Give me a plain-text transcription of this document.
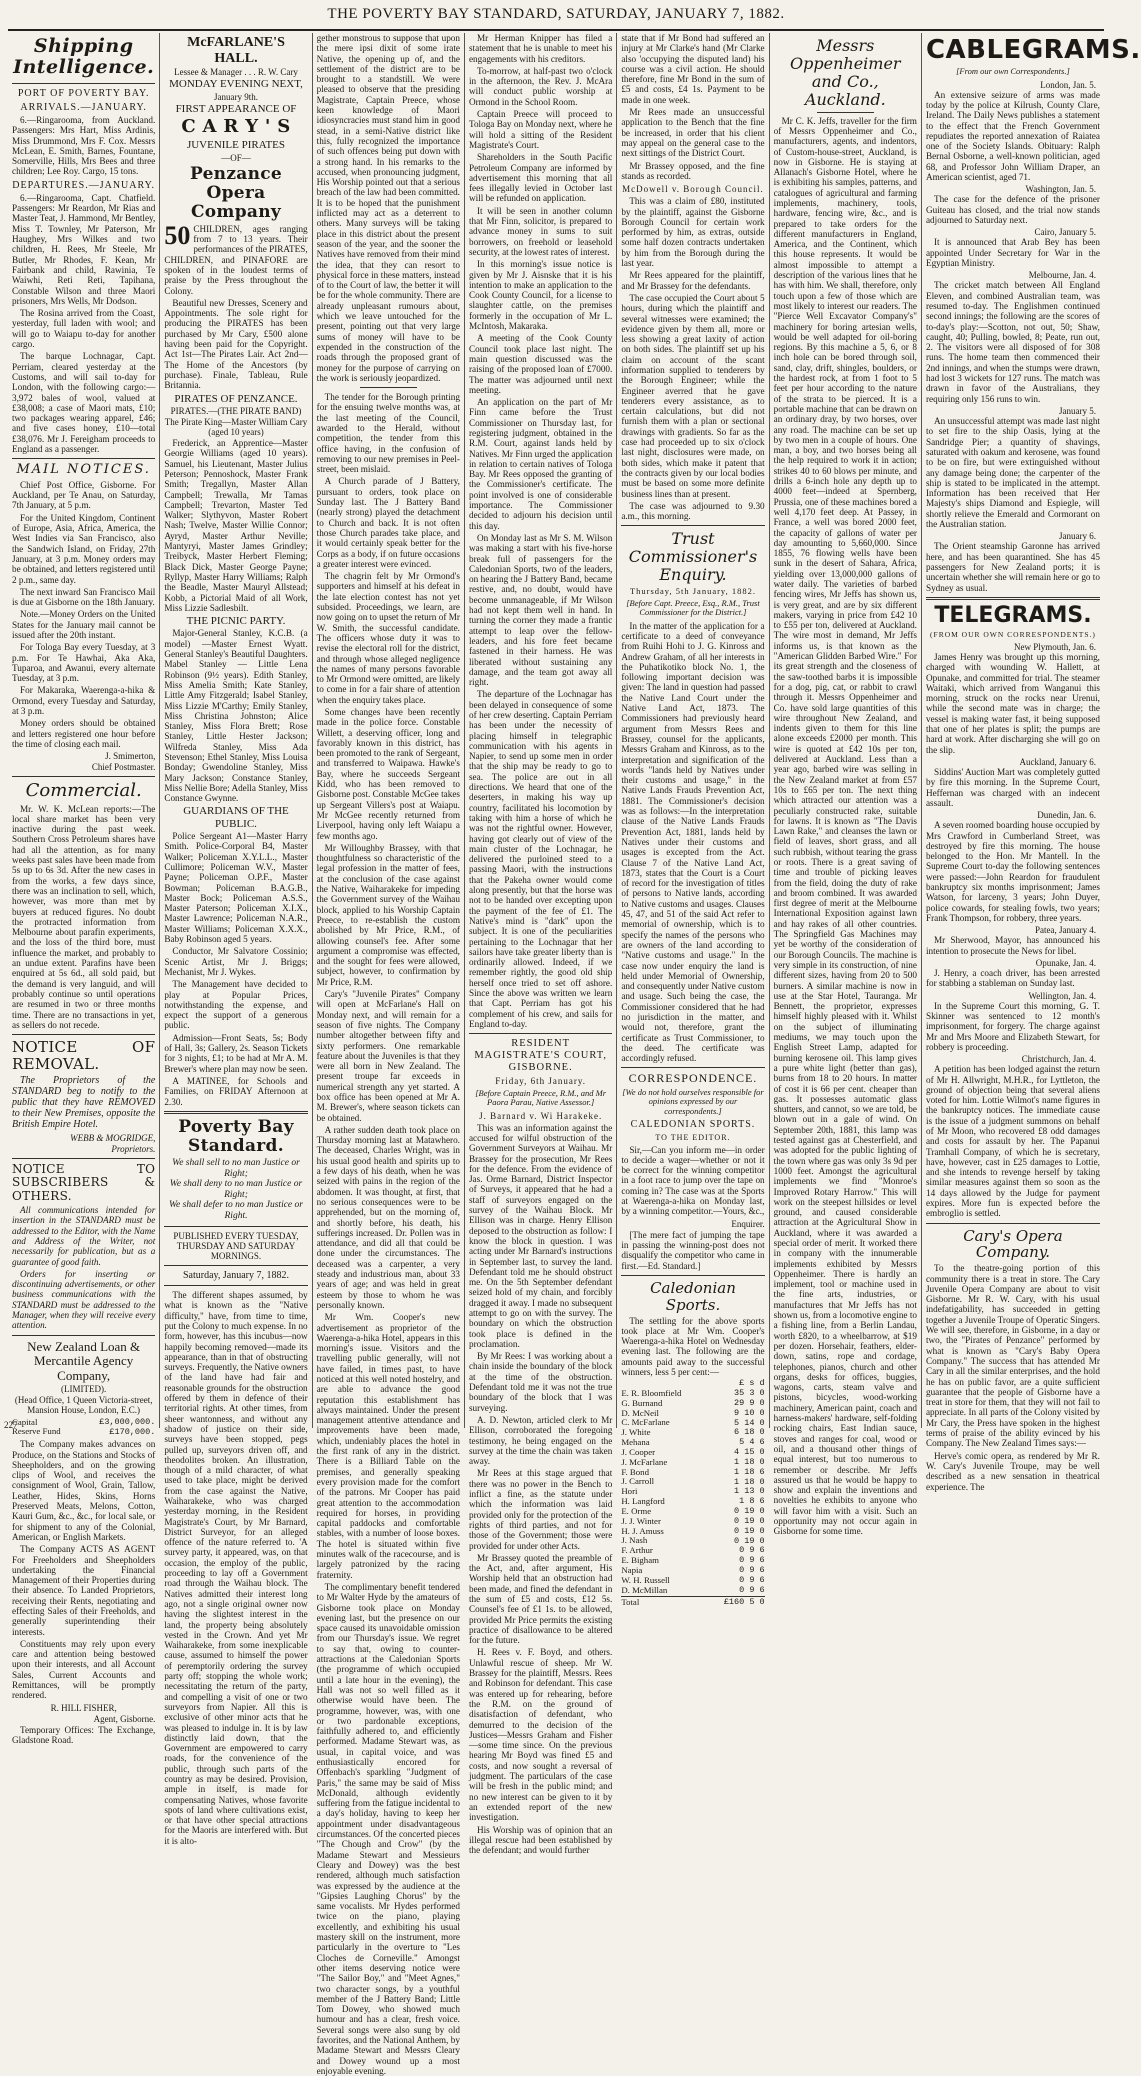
THE POVERTY BAY STANDARD, SATURDAY, JANUARY 7, 1882.
Shipping Intelligence.
PORT OF POVERTY BAY.
ARRIVALS.—JANUARY.

6.—Ringarooma, from Auckland. Passengers: Mrs Hart, Miss Ardinis, Miss Drummond, Mrs F. Cox. Messrs McLean, E. Smith, Barnes, Fountane, Somerville, Hills, Mrs Bees and three children; Lee Roy. Cargo, 15 tons.

DEPARTURES.—JANUARY.

6.—Ringarooma, Capt. Chatfield. Passengers: Mr Reardon, Mr Rias and Master Teat, J. Hammond, Mr Bentley, Miss T. Townley, Mr Paterson, Mr Haughey, Mrs Wilkes and two children, H. Rees, Mr Steele, Mr Butler, Mr Rhodes, F. Kean, Mr Fairbank and child, Rawinia, Te Waiwhi, Reti Reti, Tapihana, Constable Wilson and three Maori prisoners, Mrs Wells, Mr Dodson.

The Rosina arrived from the Coast, yesterday, full laden with wool; and will go to Waiapu to-day for another cargo.

The barque Lochnagar, Capt. Perriam, cleared yesterday at the Customs, and will sail to-day for London, with the following cargo:—3,972 bales of wool, valued at £38,008; a case of Maori mats, £10; two packages wearing apparel, £46; and five cases honey, £10—total £38,076. Mr J. Fereigham proceeds to England as a passenger.

MAIL NOTICES.

Chief Post Office, Gisborne. For Auckland, per Te Anau, on Saturday, 7th January, at 5 p.m.

For the United Kingdom, Continent of Europe, Asia, Africa, America, the West Indies via San Francisco, also the Sandwich Island, on Friday, 27th January, at 3 p.m. Money orders may be obtained, and letters registered until 2 p.m., same day.

The next inward San Francisco Mail is due at Gisborne on the 18th January.

Note.—Money Orders on the United States for the January mail cannot be issued after the 20th instant.

For Tologa Bay every Tuesday, at 3 p.m. For Te Hawhai, Aka Aka, Tuparoa, and Awanui, every alternate Tuesday, at 3 p.m.

For Makaraka, Waerenga-a-hika & Ormond, every Tuesday and Saturday, at 3 p.m.

Money orders should be obtained and letters registered one hour before the time of closing each mail.

J. Smimerton,
Chief Postmaster.
Commercial.

Mr. W. K. McLean reports:—The local share market has been very inactive during the past week. Southern Cross Petroleum shares have had all the attention, as for many weeks past sales have been made from 5s up to 6s 3d. After the new cases in from the works, a few days since, there was an inclination to sell, which, however, was more than met by buyers at reduced figures. No doubt the protracted information from Melbourne about parafin experiments, and the loss of the third bore, must influence the market, and probably to an undue extent. Parafins have been enquired at 5s 6d., all sold paid, but the demand is very languid, and will probably continue so until operations are resumed in two or three months time. There are no transactions in yet, as sellers do not recede.

NOTICE OF REMOVAL.

The Proprietors of the STANDARD beg to notify to the public that they have REMOVED to their New Premises, opposite the British Empire Hotel.

WEBB & MOGRIDGE,
Proprietors.
NOTICE TO SUBSCRIBERS & OTHERS.

All communications intended for insertion in the STANDARD must be addressed to the Editor, with the Name and Address of the Writer, not necessarily for publication, but as a guarantee of good faith.

Orders for inserting or discontinuing advertisements, or other business communications with the STANDARD must be addressed to the Manager, when they will receive every attention.

New Zealand Loan & Mercantile Agency Company,
(LIMITED).
(Head Office, 1 Queen Victoria-street, Mansion House, London, E.C.)
Capital	£3,000,000.
Reserve Fund	£170,000.

The Company makes advances on Produce, on the Stations and Stocks of Sheepholders, and on the growing clips of Wool, and receives the consignment of Wool, Grain, Tallow, Leather, Hides, Skins, Horns Preserved Meats, Melons, Cotton, Kauri Gum, &c., &c., for local sale, or for shipment to any of the Colonial, American, or English Markets.

The Company ACTS AS AGENT For Freeholders and Sheepholders undertaking the Financial Management of their Properties during their absence. To Landed Proprietors, receiving their Rents, negotiating and effecting Sales of their Freeholds, and generally superintending their interests.

Constituents may rely upon every care and attention being bestowed upon their interests, and all Account Sales, Current Accounts and Remittances, will be promptly rendered.

R. HILL FISHER,
Agent, Gisborne.

Temporary Offices: The Exchange, Gladstone Road.

McFARLANE'S HALL.
Lessee & Manager . . . R. W. Cary
MONDAY EVENING NEXT,
January 9th.
FIRST APPEARANCE OF
C A R Y ' S
JUVENILE PIRATES
—OF—
Penzance Opera Company

50 CHILDREN, ages ranging from 7 to 13 years. Their performances of the PIRATES, CHILDREN, and PINAFORE are spoken of in the loudest terms of praise by the Press throughout the Colony.

Beautiful new Dresses, Scenery and Appointments. The sole right for producing the PIRATES has been purchased by Mr Cary, £500 alone having been paid for the Copyright. Act 1st—The Pirates Lair. Act 2nd—The Home of the Ancestors (by purchase). Finale, Tableau, Rule Britannia.

PIRATES OF PENZANCE.
PIRATES.—(THE PIRATE BAND)
The Pirate King—Master William Cary (aged 10 years)

Frederick, an Apprentice—Master Georgie Williams (aged 10 years). Samuel, his Lieutenant, Master Julius Peterson; Pennoshock, Master Frank Smith; Tregallyn, Master Allan Campbell; Trewalla, Mr Tamas Campbell; Trevarton, Master Ted Walker; Slythyvon, Master Robert Nash; Twelve, Master Willie Connor; Ayryd, Master Arthur Neville; Mantyryi, Master James Grindley; Treibyck, Master Herbert Fleming; Black Dick, Master George Payne; Ryllyp, Master Harry Williams; Ralph the Beadle, Master Mauryl Allstead; Kobb, a Pictorial Maid of all Work, Miss Lizzie Sadlesbilt.

THE PICNIC PARTY.

Major-General Stanley, K.C.B. (a model) —Master Ernest Wyatt. General Stanley's Beautiful Daughters. Mabel Stanley — Little Lena Robinson (9½ years). Edith Stanley, Miss Amelia Smith; Kate Stanley, Little Amy Fitzgerald; Isabel Stanley, Miss Lizzie M'Carthy; Emily Stanley, Miss Christina Johnston; Alice Stanley, Miss Flora Brett; Rose Stanley, Little Hester Jackson; Wilfreda Stanley, Miss Ada Stevenson; Ethel Stanley, Miss Louisa Bonday; Gwendoline Stanley, Miss Mary Jackson; Constance Stanley, Miss Nellie Bore; Adella Stanley, Miss Constance Gwynne.

GUARDIANS OF THE PUBLIC.

Police Sergeant A1—Master Harry Smith. Police-Corporal B4, Master Walker; Policeman X.Y.L.L., Master Cullimore; Policeman W.V., Master Payne; Policeman O.P.F., Master Bowman; Policeman B.A.G.B., Master Bock; Policeman A.S.S., Master Paterson; Policeman X.I.X., Master Lawrence; Policeman N.A.R., Master Williams; Policeman X.X.X., Baby Robinson aged 5 years.

Conductor, Mr Salvatore Cossinio; Scenic Artist, Mr J. Briggs; Mechanist, Mr J. Wykes.

The Management have decided to play at Popular Prices, notwithstanding the expense, and expect the support of a generous public.

Admission—Front Seats, 5s; Body of Hall, 3s; Gallery, 2s. Season Tickets for 3 nights, £1; to be had at Mr A. M. Brewer's where plan may now be seen.

A MATINEE, for Schools and Families, on FRIDAY Afternoon at 2.30.

Poverty Bay Standard.
We shall sell to no man Justice or Right;
We shall deny to no man Justice or Right;
We shall defer to no man Justice or Right.
PUBLISHED EVERY TUESDAY, THURSDAY AND SATURDAY MORNINGS.
Saturday, January 7, 1882.

The different shapes assumed, by what is known as the "Native difficulty," have, from time to time, put the Colony to much expense. In no form, however, has this incubus—now happily becoming removed—made its appearance, than in that of obstructing surveys. Frequently, the Native owners of the land have had fair and reasonable grounds for the obstruction offered by them in defence of their territorial rights. At other times, from sheer wantonness, and without any shadow of justice on their side, surveys have been stopped, pegs pulled up, surveyors driven off, and theodolites broken. An illustration, though of a mild character, of what used to take place, might be derived from the case against the Native, Waiharakeke, who was charged yesterday morning, in the Resident Magistrate's Court, by Mr Barnard, District Surveyor, for an alleged offence of the nature referred to. 'A survey party, it appeared, was, on that occasion, the employ of the public, proceeding to lay off a Government road through the Waihau block. The Natives admitted their interest long ago, not a single original owner now having the slightest interest in the land, the property being absolutely vested in the Crown. And yet Mr Waiharakeke, from some inexplicable cause, assumed to himself the power of peremptorily ordering the survey party off; stopping the whole work; necessitating the return of the party, and compelling a visit of one or two surveyors from Napier. All this is exclusive of other minor acts that he was pleased to indulge in. It is by law distinctly laid down, that the Government are empowered to carry roads, for the convenience of the public, through such parts of the country as may be desired. Provision, ample in itself, is made for compensating Natives, whose favorite spots of land where cultivations exist, or that have other special attractions for the Maoris are interfered with. But it is alto-

gether monstrous to suppose that upon the mere ipsi dixit of some irate Native, the opening up of, and the settlement of the district are to be brought to a standstill. We were pleased to observe that the presiding Magistrate, Captain Preece, whose keen knowledge of Maori idiosyncracies must stand him in good stead, in a semi-Native district like this, fully recognized the importance of such offences being put down with a strong hand. In his remarks to the accused, when pronouncing judgment, His Worship pointed out that a serious breach of the law had been committed. It is to be hoped that the punishment inflicted may act as a deterrent to others. Many surveys will be taking place in this district about the present season of the year, and the sooner the Natives have removed from their mind the idea, that they can resort to physical force in these matters, instead of to the Court of law, the better it will be for the whole community. There are already unpleasant rumours about, which we leave untouched for the present, pointing out that very large sums of money will have to be expended in the construction of the roads through the proposed grant of money for the purpose of carrying on the work is seriously jeopardized.

The tender for the Borough printing for the ensuing twelve months was, at the last meeting of the Council, awarded to the Herald, without competition, the tender from this office having, in the confusion of removing to our new premises in Peel-street, been mislaid.

A Church parade of J Battery, pursuant to orders, took place on Sunday last. The J Battery Band (nearly strong) played the detachment to Church and back. It is not often those Church parades take place, and it would certainly speak better for the Corps as a body, if on future occasions a greater interest were evinced.

The chagrin felt by Mr Ormond's supporters and himself at his defeat in the late election contest has not yet subsided. Proceedings, we learn, are now going on to upset the return of Mr W. Smith, the successful candidate. The officers whose duty it was to revise the electoral roll for the district, and through whose alleged negligence the names of many persons favorable to Mr Ormond were omitted, are likely to come in for a fair share of attention when the enquiry takes place.

Some changes have been recently made in the police force. Constable Willett, a deserving officer, long and favorably known in this district, has been promoted to the rank of Sergeant, and transferred to Waipawa. Hawke's Bay, where he succeeds Sergeant Kidd, who has been removed to Gisborne post. Constable McGee takes up Sergeant Villers's post at Waiapu. Mr McGee recently returned from Liverpool, having only left Waiapu a few months ago.

Mr Willoughby Brassey, with that thoughtfulness so characteristic of the legal profession in the matter of fees, at the conclusion of the case against the Native, Waiharakeke for impeding the Government survey of the Waihau block, applied to his Worship Captain Preece, to re-establish the custom abolished by Mr Price, R.M., of allowing counsel's fee. After some argument a compromise was effected, and the sought for fees were allowed, subject, however, to confirmation by Mr Price, R.M.

Cary's "Juvenile Pirates" Company will open at McFarlane's Hall on Monday next, and will remain for a season of five nights. The Company number altogether between fifty and sixty performers. One remarkable feature about the Juveniles is that they were all born in New Zealand. The present troupe far exceeds in numerical strength any yet started. A box office has been opened at Mr A. M. Brewer's, where season tickets can be obtained.

A rather sudden death took place on Thursday morning last at Matawhero. The deceased, Charles Wright, was in his usual good health and spirits up to a few days of his death, when he was seized with pains in the region of the abdomen. It was thought, at first, that no serious consequences were to be apprehended, but on the morning of, and shortly before, his death, his sufferings increased. Dr. Pollen was in attendance, and did all that could be done under the circumstances. The deceased was a carpenter, a very steady and industrious man, about 33 years of age; and was held in great esteem by those to whom he was personally known.

Mr Wm. Cooper's new advertisement as proprietor of the Waerenga-a-hika Hotel, appears in this morning's issue. Visitors and the travelling public generally, will not have failed, in times past, to have noticed at this well noted hostelry, and are able to advance the good reputation this establishment has always maintained. Under the present management attentive attendance and improvements have been made, which, undeniably places the hotel in the first rank of any in the district. There is a Billiard Table on the premises, and generally speaking every provision made for the comfort of the patrons. Mr Cooper has paid great attention to the accommodation required for horses, in providing capital paddocks and comfortable stables, with a number of loose boxes. The hotel is situated within five minutes walk of the racecourse, and is largely patronized by the racing fraternity.

The complimentary benefit tendered to Mr Walter Hyde by the amateurs of Gisborne took place on Monday evening last, but the presence on our space caused its unavoidable omission from our Thursday's issue. We regret to say that, owing to counter-attractions at the Caledonian Sports (the programme of which occupied until a late hour in the evening), the Hall was not so well filled as it otherwise would have been. The programme, however, was, with one or two pardonable exceptions, faithfully adhered to, and efficiently performed. Madame Stewart was, as usual, in capital voice, and was enthusiastically encored for Offenbach's sparkling "Judgment of Paris," the same may be said of Miss McDonald, although evidently suffering from the fatigue incidental to a day's holiday, having to keep her appointment under disadvantageous circumstances. Of the concerted pieces "The Chough and Crow" (by the Madame Stewart and Messieurs Cleary and Dowey) was the best rendered, although much satisfaction was expressed by the audience at the "Gipsies Laughing Chorus" by the same vocalists. Mr Hydes performed twice on the piano, playing excellently, and exhibiting his usual mastery skill on the instrument, more particularly in the overture to "Les Cloches de Corneville." Amongst other items deserving notice were "The Sailor Boy," and "Meet Agnes," two character songs, by a youthful member of the J Battery Band; Little Tom Dowey, who showed much humour and has a clear, fresh voice. Several songs were also sung by old favorites, and the National Anthem, by Madame Stewart and Messrs Cleary and Dowey wound up a most enjoyable evening.

Mr Herman Knipper has filed a statement that he is unable to meet his engagements with his creditors.

To-morrow, at half-past two o'clock in the afternoon, the Rev. J. McAra will conduct public worship at Ormond in the School Room.

Captain Preece will proceed to Tologa Bay on Monday next, where he will hold a sitting of the Resident Magistrate's Court.

Shareholders in the South Pacific Petroleum Company are informed by advertisement this morning that all fees illegally levied in October last will be refunded on application.

It will be seen in another column that Mr Finn, solicitor, is prepared to advance money in sums to suit borrowers, on freehold or leasehold security, at the lowest rates of interest.

In this morning's issue notice is given by Mr J. Aisnske that it is his intention to make an application to the Cook County Council, for a license to slaughter cattle, on the premises formerly in the occupation of Mr L. McIntosh, Makaraka.

A meeting of the Cook County Council took place last night. The main question discussed was the raising of the proposed loan of £7000. The matter was adjourned until next meeting.

An application on the part of Mr Finn came before the Trust Commissioner on Thursday last, for registering judgment, obtained in the R.M. Court, against lands held by Natives. Mr Finn urged the application in relation to certain natives of Tologa Bay. Mr Rees opposed the granting of the Commissioner's certificate. The point involved is one of considerable importance. The Commissioner decided to adjourn his decision until this day.

On Monday last as Mr S. M. Wilson was making a start with his five-horse break full of passengers for the Caledonian Sports, two of the leaders, on hearing the J Battery Band, became restive, and, no doubt, would have become unmanageable, if Mr Wilson had not kept them well in hand. In turning the corner they made a frantic attempt to leap over the fellow-leaders, and his fore feet became fastened in their harness. He was liberated without sustaining any damage, and the team got away all right.

The departure of the Lochnagar has been delayed in consequence of some of her crew deserting. Captain Perriam has been under the necessity of placing himself in telegraphic communication with his agents in Napier, to send up some men in order that the ship may be ready to go to sea. The police are out in all directions. We heard that one of the deserters, in making his way up country, facilitated his locomotion by taking with him a horse of which he was not the rightful owner. However, having got clearly out of view of the main cluster of the Lochnagar, he delivered the purloined steed to a passing Maori, with the instructions that the Pakeha owner would come along presently, but that the horse was not to be handed over excepting upon the payment of the fee of £1. The Native's mind is "dark" upon the subject. It is one of the peculiarities pertaining to the Lochnagar that her sailors have take greater liberty than is ordinarily allowed. Indeed, if we remember rightly, the good old ship herself once tried to set off ashore. Since the above was written we learn that Capt. Perriam has got his complement of his crew, and sails for England to-day.

RESIDENT MAGISTRATE'S COURT, GISBORNE.
Friday, 6th January.
[Before Captain Preece, R.M., and Mr Paora Parau, Native Assessor.]
J. Barnard v. Wi Harakeke.

This was an information against the accused for wilful obstruction of the Government Surveyors at Waihau. Mr Brassey for the prosecution, Mr Rees for the defence. From the evidence of Jas. Orme Barnard, District Inspector of Surveys, it appeared that he had a staff of surveyors engaged on the survey of the Waihau Block. Mr Ellison was in charge. Henry Ellison deposed to the obstruction as follow: I know the block in question. I was acting under Mr Barnard's instructions in September last, to survey the land. Defendant told me he should obstruct me. On the 5th September defendant seized hold of my chain, and forcibly dragged it away. I made no subsequent attempt to go on with the survey. The boundary on which the obstruction took place is defined in the proclamation.

By Mr Rees: I was working about a chain inside the boundary of the block at the time of the obstruction. Defendant told me it was not the true boundary of the block that I was surveying.

A. D. Newton, articled clerk to Mr Ellison, corroborated the foregoing testimony, he being engaged on the survey at the time the chain was taken away.

Mr Rees at this stage argued that there was no power in the Bench to inflict a fine, as the statute under which the information was laid provided only for the protection of the rights of third parties, and not for those of the Government; those were provided for under other Acts.

Mr Brassey quoted the preamble of the Act, and, after argument, His Worship held that an obstruction had been made, and fined the defendant in the sum of £5 and costs, £12 5s. Counsel's fee of £1 1s. to be allowed, provided Mr Price permits the existing practice of disallowance to be altered for the future.

H. Rees v. F. Boyd, and others. Unlawful rescue of sheep. Mr W. Brassey for the plaintiff, Messrs. Rees and Robinson for defendant. This case was entered up for rehearing, before the R.M. on the ground of disatisfaction of defendant, who demurred to the decision of the Justices—Messrs Graham and Fisher—some time since. On the previous hearing Mr Boyd was fined £5 and costs, and now sought a reversal of judgment. The particulars of the case will be fresh in the public mind; and no new interest can be given to it by an extended report of the new investigation.

His Worship was of opinion that an illegal rescue had been established by the defendant; and would further

state that if Mr Bond had suffered an injury at Mr Clarke's hand (Mr Clarke also 'occupying the disputed land) his course was a civil action. He should therefore, fine Mr Bond in the sum of £5 and costs, £4 1s. Payment to be made in one week.

Mr Rees made an unsuccessful application to the Bench that the fine be increased, in order that his client may appeal on the general case to the next sittings of the District Court.

Mr Brassey opposed, and the fine stands as recorded.

McDowell v. Borough Council.

This was a claim of £80, instituted by the plaintiff, against the Gisborne Borough Council for certain work performed by him, as extras, outside some half dozen contracts undertaken by him from the Borough during the last year.

Mr Rees appeared for the plaintiff, and Mr Brassey for the defendants.

The case occupied the Court about 5 hours, during which the plaintiff and several witnesses were examined; the evidence given by them all, more or less showing a great laxity of action on both sides. The plaintiff set up his claim on account of the scant information supplied to tenderers by the Borough Engineer; while the Engineer averred that he gave tenderers every assistance, as to certain calculations, but did not furnish them with a plan or sectional drawings with gradients. So far as the case had proceeded up to six o'clock last night, disclosures were made, on both sides, which make it patent that the contracts given by our local bodies must be based on some more definite business lines than at present.

The case was adjourned to 9.30 a.m., this morning.

Trust Commissioner's Enquiry.
Thursday, 5th January, 1882.
[Before Capt. Preece, Esq., R.M., Trust Commissioner for the District.]

In the matter of the application for a certificate to a deed of conveyance from Ruihi Hohi to J. G. Kinross and Andrew Graham, of all her interests in the Puhatikotiko block No. 1, the following important decision was given: The land in question had passed the Native Land Court under the Native Land Act, 1873. The Commissioners had previously heard argument from Messrs Rees and Brassey, counsel for the applicants, Messrs Graham and Kinross, as to the interpretation and signification of the words "lands held by Natives under their customs and usage," in the Native Lands Frauds Prevention Act, 1881. The Commissioner's decision was as follows:—In the interpretation clause of the Native Lands Frauds Prevention Act, 1881, lands held by Natives under their customs and usages is excepted from the Act. Clause 7 of the Native Land Act, 1873, states that the Court is a Court of record for the investigation of titles of persons to Native lands, according to Native customs and usages. Clauses 45, 47, and 51 of the said Act refer to memorial of ownership, which is to specify the names of the persons who are owners of the land according to "Native customs and usage." In the case now under enquiry the land is held under Memorial of Ownership, and consequently under Native custom and usage. Such being the case, the Commissioner considered that he had no jurisdiction in the matter, and would not, therefore, grant the certificate as Trust Commissioner, to the deed. The certificate was accordingly refused.

CORRESPONDENCE.
[We do not hold ourselves responsible for opinions expressed by our correspondents.]
CALEDONIAN SPORTS.
TO THE EDITOR.

Sir,—Can you inform me—in order to decide a wager—whether or not it be correct for the winning competitor in a foot race to jump over the tape on coming in? The case was at the Sports at Waerenga-a-hika on Monday last, by a winning competitor.—Yours, &c.,

Enquirer.

[The mere fact of jumping the tape in passing the winning-post does not disqualify the competitor who came in first.—Ed. Standard.]

Caledonian Sports.

The settling for the above sports took place at Mr Wm. Cooper's Waerenga-a-hika Hotel on Wednesday evening last. The following are the amounts paid away to the successful winners, less 5 per cent:—

	£ s d
E. R. Bloomfield	35 3 0
G. Burnand	29 9 0
D. McNeil	9 10 0
C. McFarlane	5 14 0
J. White	6 18 0
Mehana	5 4 6
J. Cooper	4 15 0
J. McFarlane	1 18 0
F. Bond	1 18 6
J. Carroll	1 18 0
Hori	1 13 0
H. Langford	1 8 6
E. Orme	0 19 0
J. J. Winter	0 19 0
H. J. Amuss	0 19 0
J. Nash	0 19 0
F. Arthur	0 9 6
E. Bigham	0 9 6
Napia	0 9 6
W. H. Russell	0 9 6
D. McMillan	0 9 6
Total	£160 5 0
Messrs Oppenheimer and Co., Auckland.

Mr C. K. Jeffs, traveller for the firm of Messrs Oppenheimer and Co., manufacturers, agents, and indentors, of Custom-house-street, Auckland, is now in Gisborne. He is staying at Allanach's Gisborne Hotel, where he is exhibiting his samples, patterns, and catalogues of agricultural and farming implements, machinery, tools, hardware, fencing wire, &c., and is prepared to take orders for the different manufacturers in England, America, and the Continent, which this house represents. It would be almost impossible to attempt a description of the various lines that he has with him. We shall, therefore, only touch upon a few of those which are most likely to interest our readers. The "Pierce Well Excavator Company's" machinery for boring artesian wells, would be well adapted for oil-boring regions. By this machine a 5, 6, or 8 inch hole can be bored through soil, sand, clay, drift, shingles, boulders, or the hardest rock, at from 1 foot to 5 feet per hour according to the nature of the strata to be pierced. It is a portable machine that can be drawn on an ordinary dray, by two horses, over any road. The machine can be set up by two men in a couple of hours. One man, a boy, and two horses being all the help required to work it in action; strikes 40 to 60 blows per minute, and drills a 6-inch hole any depth up to 4000 feet—indeed at Spernberg, Prussia, one of these machines bored a well 4,170 feet deep. At Passey, in France, a well was bored 2000 feet, the capacity of gallons of water per day amounting to 5,660,000. Since 1855, 76 flowing wells have been sunk in the desert of Sahara, Africa, yielding over 13,000,000 gallons of water daily. The varieties of barbed fencing wires, Mr Jeffs has shown us, is very great, and are by six different makers, varying in price from £42 10 to £55 per ton, delivered at Auckland. The wire most in demand, Mr Jeffs informs us, is that known as the "American Glidden Barbed Wire." For its great strength and the closeness of the saw-toothed barbs it is impossible for a dog, pig, cat, or rabbit to crawl through it. Messrs Oppenheimer and Co. have sold large quantities of this wire throughout New Zealand, and indents given to them for this line alone exceeds £2000 per month. This wire is quoted at £42 10s per ton, delivered at Auckland. Less than a year ago, barbed wire was selling in the New Zealand market at from £57 10s to £65 per ton. The next thing which attracted our attention was a peculiarly constructed rake, suitable for lawns. It is known as "The Davis Lawn Rake," and cleanses the lawn or field of leaves, short grass, and all such rubbish, without tearing the grass or roots. There is a great saving of time and trouble of picking leaves from the field, doing the duty of rake and broom combined. It was awarded first degree of merit at the Melbourne International Exposition against lawn and hay rakes of all other countries. The Springfield Gas Machines may yet be worthy of the consideration of our Borough Councils. The machine is very simple in its construction, of nine different sizes, having from 20 to 500 burners. A similar machine is now in use at the Star Hotel, Tauranga. Mr Bennett, the proprietor, expresses himself highly pleased with it. Whilst on the subject of illuminating mediums, we may touch upon the English Street Lamp, adapted for burning kerosene oil. This lamp gives a pure white light (better than gas), burns from 18 to 20 hours. In matter of cost it is 66 per cent. cheaper than gas. It possesses automatic glass shutters, and cannot, so we are told, be blown out in a gale of wind. On September 20th, 1881, this lamp was tested against gas at Chesterfield, and was adopted for the public lighting of the town where gas was only 3s 9d per 1000 feet. Amongst the agricultural implements we find "Monroe's Improved Rotary Harrow." This will work on the steepest hillsides or level ground, and caused considerable attraction at the Agricultural Show in Auckland, where it was awarded a special order of merit. It worked there in company with the innumerable implements exhibited by Messrs Oppenheimer. There is hardly an implement, tool or machine used in the fine arts, industries, or manufactures that Mr Jeffs has not shown us, from a locomotive engine to a fishing line, from a Berlin Landau, worth £820, to a wheelbarrow, at $19 per dozen. Horsehair, feathers, elder-down, satins, rope and cordage, telephones, pianos, church and other organs, desks for offices, buggies, wagons, carts, steam valve and pistons, bicycles, wood-working machinery, American paint, coach and harness-makers' hardware, self-folding rocking chairs, East Indian sauce, stoves and ranges for coal, wood or oil, and a thousand other things of equal interest, but too numerous to remember or describe. Mr Jeffs assured us that he would be happy to show and explain the inventions and novelties he exhibits to anyone who will favor him with a visit. Such an opportunity may not occur again in Gisborne for some time.

CABLEGRAMS.
[From our own Correspondents.]
London, Jan. 5.

An extensive seizure of arms was made today by the police at Kilrush, County Clare, Ireland. The Daily News publishes a statement to the effect that the French Government repudiates the reported annexation of Raiatea one of the Society Islands. Obituary: Ralph Bernal Osborne, a well-known politician, aged 68, and Professor John William Draper, an American scientist, aged 71.

Washington, Jan. 5.

The case for the defence of the prisoner Guiteau has closed, and the trial now stands adjourned to Saturday next.

Cairo, January 5.

It is announced that Arab Bey has been appointed Under Secretary for War in the Egyptian Ministry.

Melbourne, Jan. 4.

The cricket match between All England Eleven, and combined Australian team, was resumed to-day. The Englishmen continued second innings; the following are the scores of to-day's play:—Scotton, not out, 50; Shaw, caught, 40; Pulling, bowled, 8; Peate, run out, 2. The visitors were all disposed of for 308 runs. The home team then commenced their 2nd innings, and when the stumps were drawn, had lost 3 wickets for 127 runs. The match was drawn in favor of the Australians, they requiring only 156 runs to win.

January 5.

An unsuccessful attempt was made last night to set fire to the ship Oasis, lying at the Sandridge Pier; a quantity of shavings, saturated with oakum and kerosene, was found to be on fire, but were extinguished without any damage being done; the carpenter of the ship is stated to be implicated in the attempt. Information has been received that Her Majesty's ships Diamond and Espiegle, will shortly relieve the Emerald and Cormorant on the Australian station.

January 6.

The Orient steamship Garonne has arrived here, and has been quarantined. She has 45 passengers for New Zealand ports; it is uncertain whether she will remain here or go to Sydney as usual.

TELEGRAMS.
(FROM OUR OWN CORRESPONDENTS.)
New Plymouth, Jan. 6.

James Henry was brought up this morning, charged with wounding W. Hallett, at Opunake, and committed for trial. The steamer Waitaki, which arrived from Wanganui this morning, struck on the rocks near Urenui, while the second mate was in charge; the vessel is making water fast, it being supposed that one of her plates is split; the pumps are hard at work. After discharging she will go on the slip.

Auckland, January 6.

Siddins' Auction Mart was completely gutted by fire this morning. In the Supreme Court, Heffernan was charged with an indecent assault.

Dunedin, Jan. 6.

A seven roomed boarding house occupied by Mrs Crawford in Cumberland Street, was destroyed by fire this morning. The house belonged to the Hon. Mr Mantell. In the Supreme Court to-day the following sentences were passed:—John Reardon for fraudulent bankruptcy six months imprisonment; James Watson, for larceny, 3 years; John Duyer, police cowards, for stealing fowls, two years; Frank Thompson, for robbery, three years.

Patea, January 4.

Mr Sherwood, Mayor, has announced his intention to prosecute the News for libel.

Opunake, Jan. 4.

J. Henry, a coach driver, has been arrested for stabbing a stableman on Sunday last.

Wellington, Jan. 4.

In the Supreme Court this morning, G. T. Skinner was sentenced to 12 month's imprisonment, for forgery. The charge against Mr and Mrs Moore and Elizabeth Stewart, for robbery is proceeding.

Christchurch, Jan. 4.

A petition has been lodged against the return of Mr H. Allwright, M.H.R., for Lyttleton, the ground of objection being that several aliens voted for him. Lottie Wilmot's name figures in the bankruptcy notices. The immediate cause is the issue of a judgment summons on behalf of Mr Moon, who recovered £8 odd damages and costs for assault by her. The Papanui Tramhall Company, of which he is secretary, have, however, cast in £25 damages to Lottie, and she intends to revenge herself by taking similar measures against them so soon as the 14 days allowed by the Judge for payment expires. More fun is expected before the embroglio is settled.

Cary's Opera Company.

To the theatre-going portion of this community there is a treat in store. The Cary Juvenile Opera Company are about to visit Gisborne. Mr R. W. Cary, with his usual indefatigability, has succeeded in getting together a Juvenile Troupe of Operatic Singers. We will see, therefore, in Gisborne, in a day or two, the "Pirates of Penzance" performed by what is known as "Cary's Baby Opera Company." The success that has attended Mr Cary in all the similar enterprises, and the hold he has on public favor, are a quite sufficient guarantee that the people of Gisborne have a treat in store for them, that they will not fail to appreciate. In all parts of the Colony visited by Mr Cary, the Press have spoken in the highest terms of praise of the ability evinced by his Company. The New Zealand Times says:—

Herve's comic opera, as rendered by Mr R. W. Cary's Juvenile Troupe, may be well described as a new sensation in theatrical experience. The

227
